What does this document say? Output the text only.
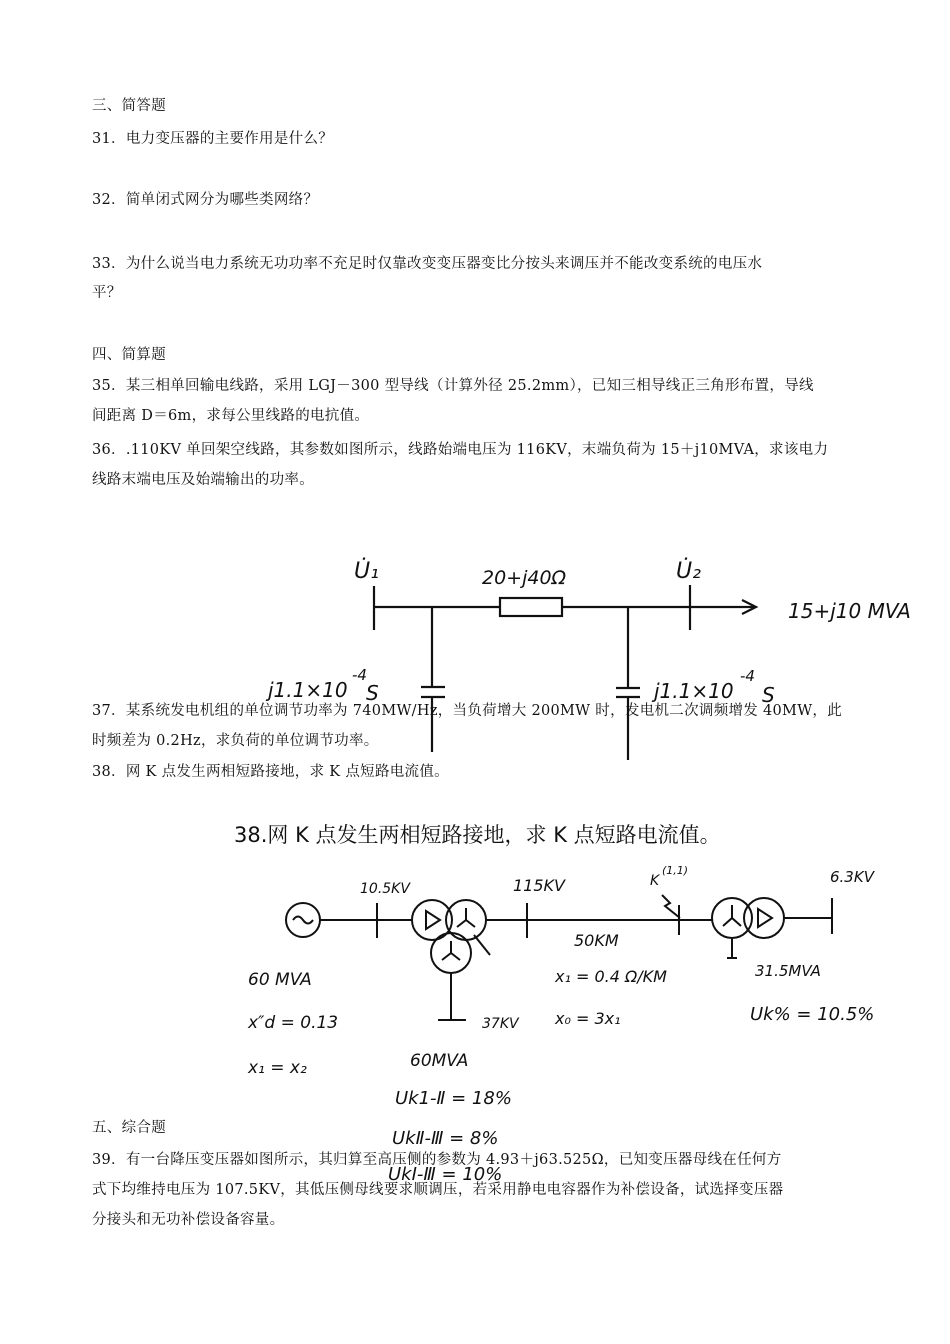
三、简答题
31．电力变压器的主要作用是什么？
32．简单闭式网分为哪些类网络？
33．为什么说当电力系统无功功率不充足时仅靠改变变压器变比分按头来调压并不能改变系统的电压水
平？
四、简算题
35．某三相单回输电线路，采用 LGJ－300 型导线（计算外径 25.2mm），已知三相导线正三角形布置，导线
间距离 D＝6m，求每公里线路的电抗值。
36．.110KV 单回架空线路，其参数如图所示，线路始端电压为 116KV，末端负荷为 15＋j10MVA，求该电力
线路末端电压及始端输出的功率。
U̇₁	U̇₂
20+j40Ω
15+j10 MVA
j1.1×10
-4
S	j1.1×10
-4
S
37．某系统发电机组的单位调节功率为 740MW/Hz，当负荷增大 200MW 时，发电机二次调频增发 40MW，此
时频差为 0.2Hz，求负荷的单位调节功率。
38．网 K 点发生两相短路接地，求 K 点短路电流值。
38.网 K 点发生两相短路接地，求 K 点短路电流值。
10.5KV	115KV	6.3KV
K
(1,1)
50KM
x₁ = 0.4 Ω/KM
x₀ = 3x₁
60 MVA
x″d = 0.13
x₁ = x₂
37KV
60MVA
Uk1-Ⅱ = 18%
UkⅡ-Ⅲ = 8%
UkⅠ-Ⅲ = 10%
31.5MVA
Uk% = 10.5%
五、综合题
39．有一台降压变压器如图所示，其归算至高压侧的参数为 4.93＋j63.525Ω，已知变压器母线在任何方
式下均维持电压为 107.5KV，其低压侧母线要求顺调压，若采用静电电容器作为补偿设备，试选择变压器
分接头和无功补偿设备容量。
